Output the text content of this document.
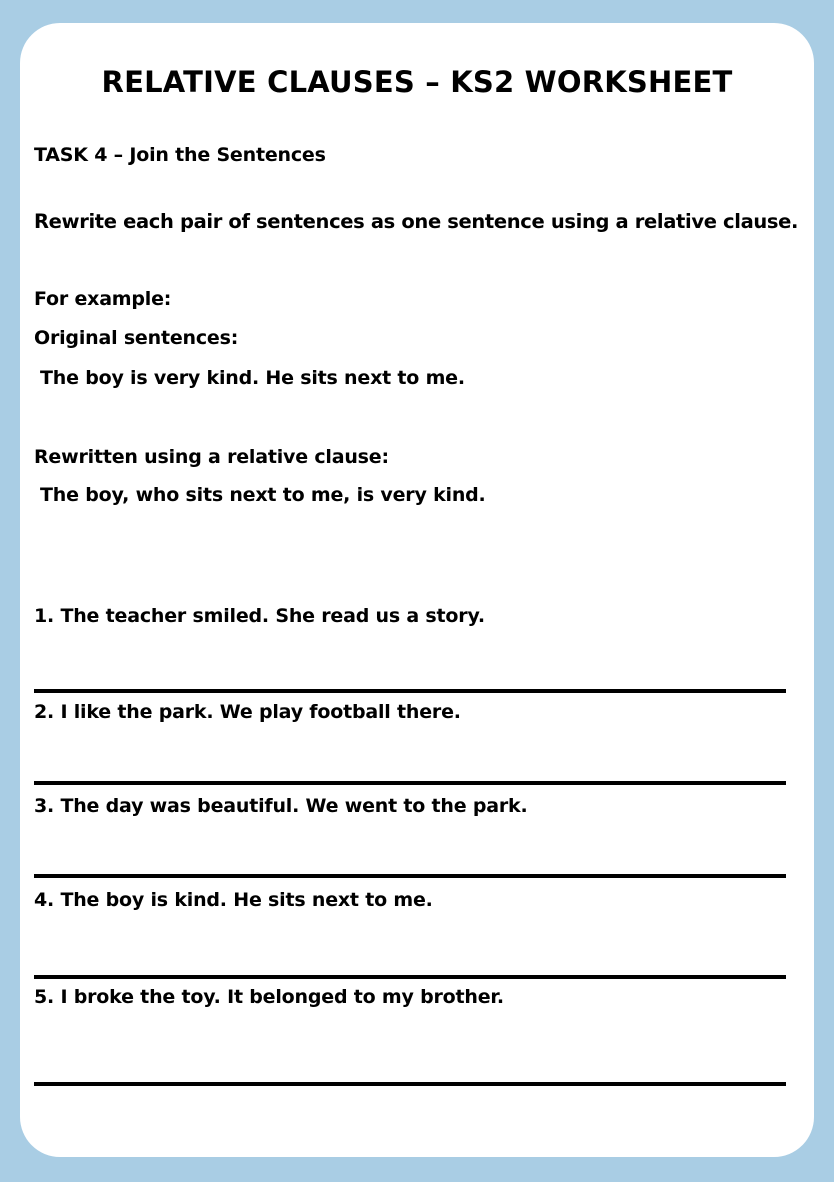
RELATIVE CLAUSES – KS2 WORKSHEET

TASK 4 – Join the Sentences

Rewrite each pair of sentences as one sentence using a relative clause.

For example:

Original sentences:

The boy is very kind. He sits next to me.

Rewritten using a relative clause:

The boy, who sits next to me, is very kind.

1. The teacher smiled. She read us a story.

2. I like the park. We play football there.

3. The day was beautiful. We went to the park.

4. The boy is kind. He sits next to me.

5. I broke the toy. It belonged to my brother.
